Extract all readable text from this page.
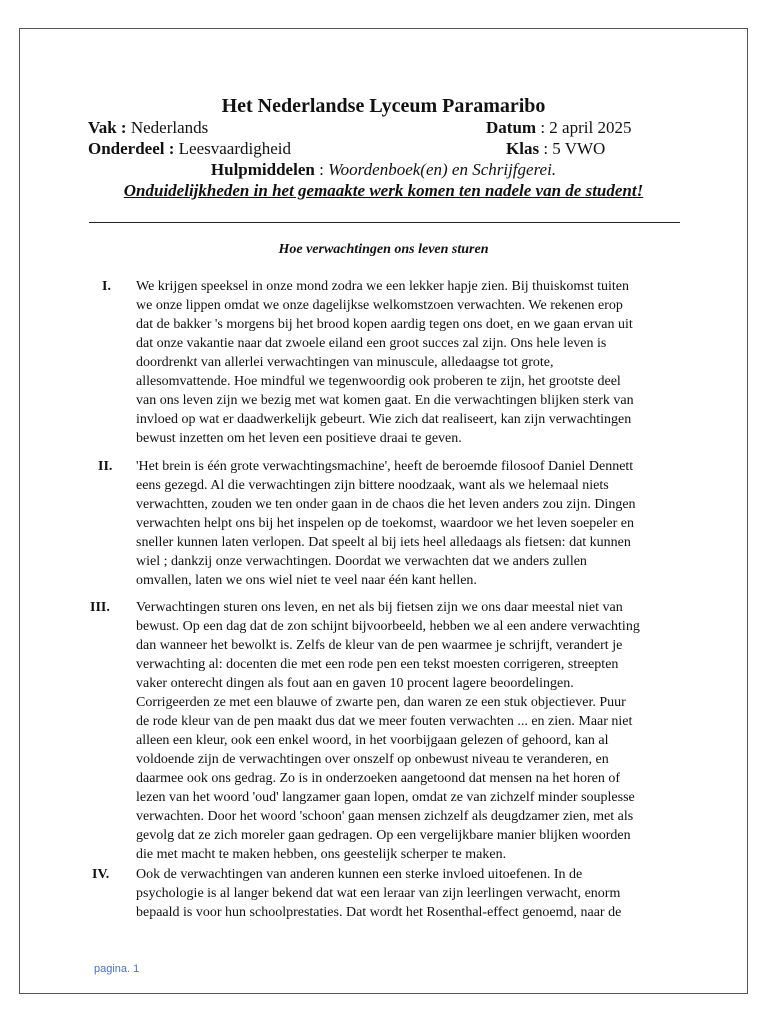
Het Nederlandse Lyceum Paramaribo
Vak : Nederlands	Datum : 2 april 2025
Onderdeel : Leesvaardigheid	Klas : 5 VWO
Hulpmiddelen : Woordenboek(en) en Schrijfgerei.
Onduidelijkheden in het gemaakte werk komen ten nadele van de student!
Hoe verwachtingen ons leven sturen
I.	We krijgen speeksel in onze mond zodra we een lekker hapje zien. Bij thuiskomst tuiten
we onze lippen omdat we onze dagelijkse welkomstzoen verwachten. We rekenen erop
dat de bakker 's morgens bij het brood kopen aardig tegen ons doet, en we gaan ervan uit
dat onze vakantie naar dat zwoele eiland een groot succes zal zijn. Ons hele leven is
doordrenkt van allerlei verwachtingen van minuscule, alledaagse tot grote,
allesomvattende. Hoe mindful we tegenwoordig ook proberen te zijn, het grootste deel
van ons leven zijn we bezig met wat komen gaat. En die verwachtingen blijken sterk van
invloed op wat er daadwerkelijk gebeurt. Wie zich dat realiseert, kan zijn verwachtingen
bewust inzetten om het leven een positieve draai te geven.
II.	'Het brein is één grote verwachtingsmachine', heeft de beroemde filosoof Daniel Dennett
eens gezegd. Al die verwachtingen zijn bittere noodzaak, want als we helemaal niets
verwachtten, zouden we ten onder gaan in de chaos die het leven anders zou zijn. Dingen
verwachten helpt ons bij het inspelen op de toekomst, waardoor we het leven soepeler en
sneller kunnen laten verlopen. Dat speelt al bij iets heel alledaags als fietsen: dat kunnen
wiel ; dankzij onze verwachtingen. Doordat we verwachten dat we anders zullen
omvallen, laten we ons wiel niet te veel naar één kant hellen.
III.	Verwachtingen sturen ons leven, en net als bij fietsen zijn we ons daar meestal niet van
bewust. Op een dag dat de zon schijnt bijvoorbeeld, hebben we al een andere verwachting
dan wanneer het bewolkt is. Zelfs de kleur van de pen waarmee je schrijft, verandert je
verwachting al: docenten die met een rode pen een tekst moesten corrigeren, streepten
vaker onterecht dingen als fout aan en gaven 10 procent lagere beoordelingen.
Corrigeerden ze met een blauwe of zwarte pen, dan waren ze een stuk objectiever. Puur
de rode kleur van de pen maakt dus dat we meer fouten verwachten ... en zien. Maar niet
alleen een kleur, ook een enkel woord, in het voorbijgaan gelezen of gehoord, kan al
voldoende zijn de verwachtingen over onszelf op onbewust niveau te veranderen, en
daarmee ook ons gedrag. Zo is in onderzoeken aangetoond dat mensen na het horen of
lezen van het woord 'oud' langzamer gaan lopen, omdat ze van zichzelf minder souplesse
verwachten. Door het woord 'schoon' gaan mensen zichzelf als deugdzamer zien, met als
gevolg dat ze zich moreler gaan gedragen. Op een vergelijkbare manier blijken woorden
die met macht te maken hebben, ons geestelijk scherper te maken.
IV.	Ook de verwachtingen van anderen kunnen een sterke invloed uitoefenen. In de
psychologie is al langer bekend dat wat een leraar van zijn leerlingen verwacht, enorm
bepaald is voor hun schoolprestaties. Dat wordt het Rosenthal-effect genoemd, naar de
pagina. 1
